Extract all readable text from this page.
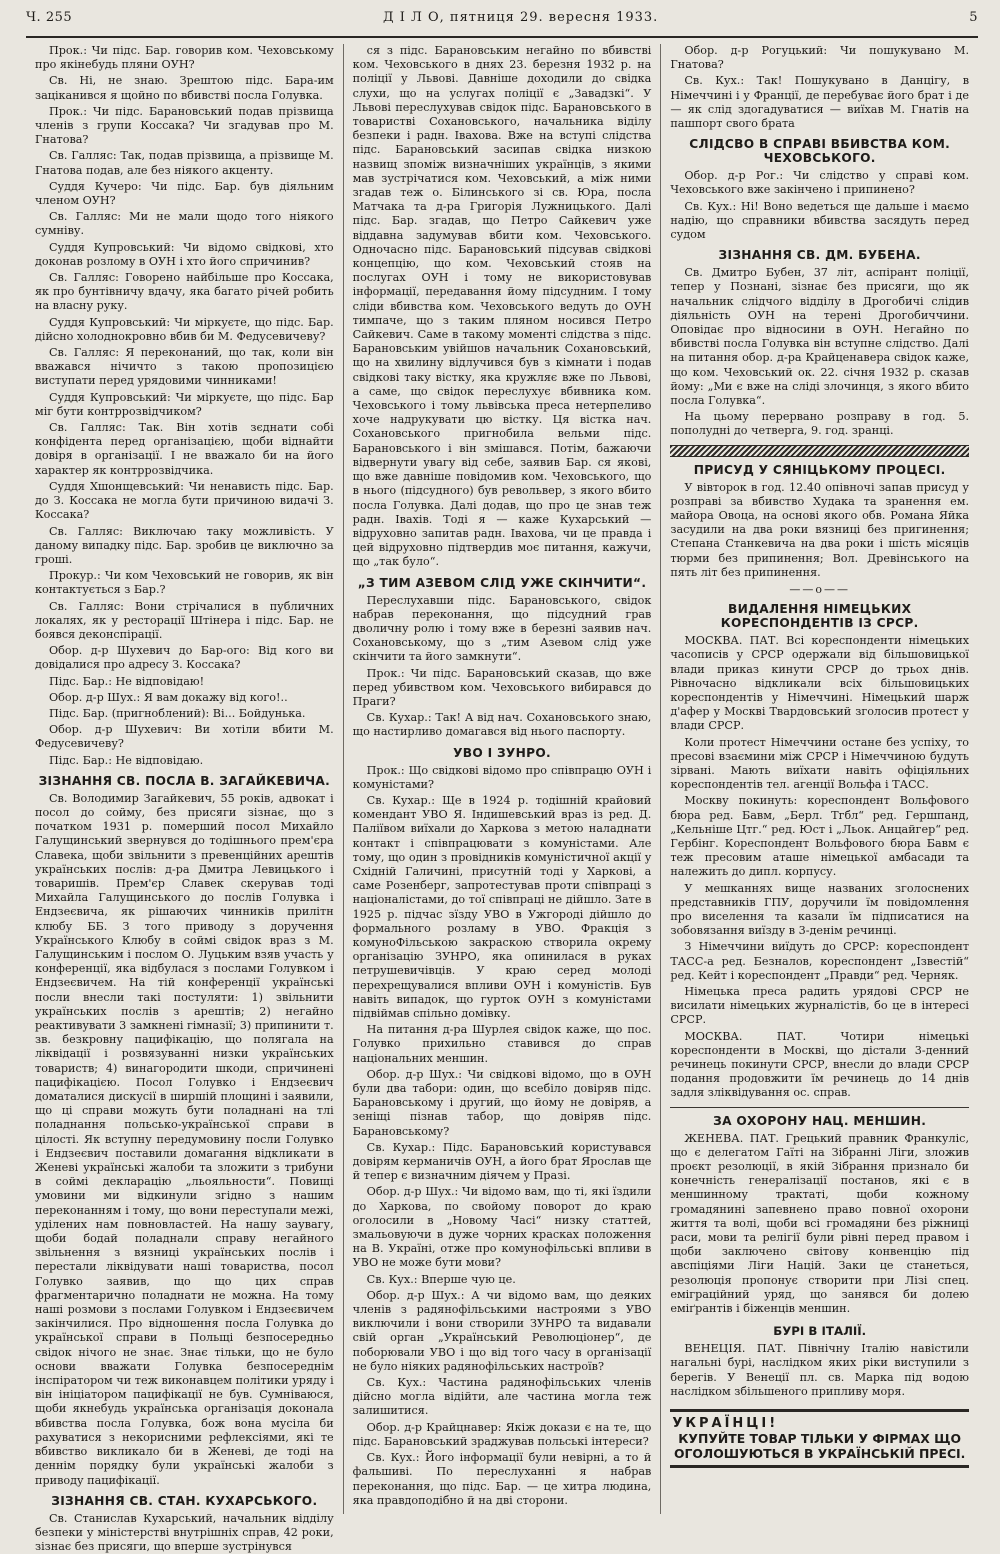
Ч. 255	Д І Л О, пятниця 29. вересня 1933.	5

Прок.: Чи підс. Бар. говорив ком. Чеховському про якінебудь пляни ОУН?

Св. Ні, не знаю. Зрештою підс. Бара-им заціканився я щойно по вбивстві посла Голувка.

Прок.: Чи підс. Барановський подав прізвища членів з групи Коссака? Чи згадував про М. Гнатова?

Св. Галляс: Так, подав прізвища, а прізвище М. Гнатова подав, але без ніякого акценту.

Суддя Кучеро: Чи підс. Бар. був діяльним членом ОУН?

Св. Галляс: Ми не мали щодо того ніякого сумніву.

Суддя Купровський: Чи відомо свідкові, хто доконав розлому в ОУН і хто його спричинив?

Св. Галляс: Говорено найбільше про Коссака, як про бунтівничу вдачу, яка багато річей робить на власну руку.

Суддя Купровський: Чи міркуєте, що підс. Бар. дійсно холоднокровно вбив би М. Федусевичеву?

Св. Галляс: Я переконаний, що так, коли він вважався нічичто з такою пропозицією виступати перед урядовими чинниками!

Суддя Купровський: Чи міркуєте, що підс. Бар міг бути контррозвідчиком?

Св. Галляс: Так. Він хотів зєднати собі конфідента перед організацією, щоби віднайти довіря в організації. І не вважало би на його характер як контррозвідчика.

Суддя Хшонщевський: Чи ненависть підс. Бар. до З. Коссака не могла бути причиною видачі З. Коссака?

Св. Галляс: Виключаю таку можливість. У даному випадку підс. Бар. зробив це виключно за гроші.

Прокур.: Чи ком Чеховський не говорив, як він контактується з Бар.?

Св. Галляс: Вони стрічалися в публичних локалях, як у ресторації Штінера і підс. Бар. не боявся деконспірації.

Обор. д-р Шухевич до Бар-ого: Від кого ви довідалися про адресу З. Коссака?

Підс. Бар.: Не відповідаю!

Обор. д-р Шух.: Я вам докажу від кого!..

Підс. Бар. (пригноблений): Ві... Бойдунька.

Обор. д-р Шухевич: Ви хотіли вбити М. Федусевичеву?

Підс. Бар.: Не відповідаю.

ЗІЗНАННЯ СВ. ПОСЛА В. ЗАГАЙКЕВИЧА.

Св. Володимир Загайкевич, 55 років, адвокат і посол до сойму, без присяги зізнає, що з початком 1931 р. померший посол Михайло Галущинський звернувся до тодішнього прем'єра Славека, щоби звільнити з превенційних арештів українських послів: д-ра Дмитра Левицького і товаришів. Прем'єр Славек скерував тоді Михайла Галущинського до послів Голувка і Ендзеєвича, як рішаючих чинників прилітн клюбу ББ. З того приводу з доручення Українського Клюбу в соймі свідок враз з М. Галущинським і послом О. Луцьким взяв участь у конференції, яка відбулася з послами Голувком і Ендзеєвичем. На тій конференції українські посли внесли такі постуляти: 1) звільнити українських послів з арештів; 2) негайно реактивувати 3 замкнені гімназії; 3) припинити т. зв. безкровну пацифікацію, що полягала на ліквідації і розвязуванні низки українських товариств; 4) винагородити шкоди, спричинені пацифікацією. Посол Голувко і Ендзеєвич доматалися дискусії в ширшій площині і заявили, що ці справи можуть бути поладнані на тлі поладнання польсько-української справи в цілості. Як вступну передумовину посли Голувко і Ендзеєвич поставили домагання відкликати в Женеві українські жалоби та зложити з трибуни в соймі декларацію „льояльности“. Повищі умовини ми відкинули згідно з нашим переконанням і тому, що вони переступали межі, уділених нам повновластей. На нашу заувагу, щоби бодай поладнали справу негайного звільнення з вязниці українських послів і перестали ліквідувати наші товариства, посол Голувко заявив, що що цих справ фрагментарично поладнати не можна. На тому наші розмови з послами Голувком і Ендзеєвичем закінчилися. Про відношення посла Голувка до української справи в Польщі безпосередньо свідок нічого не знає. Знає тільки, що не було основи вважати Голувка безпосереднім інспіратором чи теж виконавцем політики уряду і він ініціатором пацифікації не був. Сумніваюся, щоби якнебудь українська організація доконала вбивства посла Голувка, бож вона мусіла би рахуватися з некорисними рефлексіями, які те вбивство викликало би в Женеві, де тоді на деннім порядку були українські жалоби з приводу пацифікації.

ЗІЗНАННЯ СВ. СТАН. КУХАРСЬКОГО.

Св. Станислав Кухарський, начальник відділу безпеки у міністерстві внутрішніх справ, 42 роки, зізнає без присяги, що вперше зустрінувся

ся з підс. Барановським негайно по вбивстві ком. Чеховського в днях 23. березня 1932 р. на поліції у Львові. Давніше доходили до свідка слухи, що на услугах поліції є „Завадзкі“. У Львові переслухував свідок підс. Барановського в товаристві Сохановського, начальника віділу безпеки і радн. Івахова. Вже на вступі слідства підс. Барановський засипав свідка низкою назвищ зпоміж визначніших українців, з якими мав зустрічатися ком. Чеховський, а між ними згадав теж о. Білинського зі св. Юра, посла Матчака та д-ра Григорія Лужницького. Далі підс. Бар. згадав, що Петро Сайкевич уже віддавна задумував вбити ком. Чеховського. Одночасно підс. Барановський підсував свідкові концепцію, що ком. Чеховський стояв на послугах ОУН і тому не використовував інформації, передавання йому підсудним. І тому сліди вбивства ком. Чеховського ведуть до ОУН тимпаче, що з таким пляном носився Петро Сайкевич. Саме в такому моменті слідства з підс. Барановським увійшов начальник Сохановський, що на хвилину відлучився був з кімнати і подав свідкові таку вістку, яка кружляє вже по Львові, а саме, що свідок переслухує вбивника ком. Чеховського і тому львівська преса нетерпеливо хоче надрукувати цю вістку. Ця вістка нач. Сохановського пригнобила вельми підс. Барановського і він змішався. Потім, бажаючи відвернути увагу від себе, заявив Бар. ся якові, що вже давніше повідомив ком. Чеховського, що в нього (підсудного) був револьвер, з якого вбито посла Голувка. Далі додав, що про це знав теж радн. Івахів. Тоді я — каже Кухарський — відруховно запитав радн. Івахова, чи це правда і цей відруховно підтвердив моє питання, кажучи, що „так було“.

„З ТИМ АЗЕВОМ СЛІД УЖЕ СКІНЧИТИ“.

Переслухавши підс. Барановського, свідок набрав переконання, що підсудний грав дволичну ролю і тому вже в березні заявив нач. Сохановському, що з „тим Азевом слід уже скінчити та його замкнути“.

Прок.: Чи підс. Барановський сказав, що вже перед убивством ком. Чеховського вибирався до Праги?

Св. Кухар.: Так! А від нач. Сохановського знаю, що настирливо домагався від нього паспорту.

УВО І ЗУНРО.

Прок.: Що свідкові відомо про співпрацю ОУН і комуністами?

Св. Кухар.: Ще в 1924 р. тодішній крайовий комендант УВО Я. Індишевський враз із ред. Д. Паліївом виїхали до Харкова з метою наладнати контакт і співпрацювати з комуністами. Але тому, що один з провідників комуністичної акції у Східній Галичині, присутній тоді у Харкові, а саме Розенберг, запротестував проти співпраці з націоналістами, до тої співпраці не дійшло. Зате в 1925 р. підчас зїзду УВО в Ужгороді дійшло до формального розламу в УВО. Фракція з комуноФільською закраскою створила окрему організацію ЗУНРО, яка опинилася в руках петрушевичівців. У краю серед молоді перехрещувалися впливи ОУН і комуністів. Був навіть випадок, що гурток ОУН з комуністами підвіймав спільно домівку.

На питання д-ра Шурлея свідок каже, що пос. Голувко прихильно ставився до справ національних меншин.

Обор. д-р Шух.: Чи свідкові відомо, що в ОУН були два табори: один, що всебіло довіряв підс. Барановському і другий, що йому не довіряв, а зеніщі пізнав табор, що довіряв підс. Барановському?

Св. Кухар.: Підс. Барановський користувався довірям керманичів ОУН, а його брат Ярослав ще й тепер є визначним діячем у Празі.

Обор. д-р Шух.: Чи відомо вам, що ті, які їздили до Харкова, по свойому поворот до краю оголосили в „Новому Часі“ низку статтей, змальовуючи в дуже чорних красках положення на В. Україні, отже про комунофільські впливи в УВО не може бути мови?

Св. Кух.: Вперше чую це.

Обор. д-р Шух.: А чи відомо вам, що деяких членів з радянофільськими настроями з УВО виключили і вони створили ЗУНРО та видавали свій орган „Український Революціонер“, де поборювали УВО і що від того часу в організації не було ніяких радянофільських настроїв?

Св. Кух.: Частина радянофільських членів дійсно могла відійти, але частина могла теж залишитися.

Обор. д-р Крайцнавер: Якіж докази є на те, що підс. Барановський зраджував польські інтереси?

Св. Кух.: Його інформації були невірні, а то й фальшиві. По переслуханні я набрав переконання, що підс. Бар. — це хитра людина, яка правдоподібно й на дві сторони.

Обор. д-р Рогуцький: Чи пошукувано М. Гнатова?

Св. Кух.: Так! Пошукувано в Данцігу, в Німеччині і у Франції, де перебуває його брат і де — як слід здогадуватися — виїхав М. Гнатів на пашпорт свого брата

СЛІДСВО В СПРАВІ ВБИВСТВА КОМ. ЧЕХОВСЬКОГО.

Обор. д-р Рог.: Чи слідство у справі ком. Чеховського вже закінчено і припинено?

Св. Кух.: Ні! Воно ведеться ще дальше і маємо надію, що справники вбивства засядуть перед судом

ЗІЗНАННЯ СВ. ДМ. БУБЕНА.

Св. Дмитро Бубен, 37 літ, аспірант поліції, тепер у Познані, зізнає без присяги, що як начальник слідчого відділу в Дрогобичі слідив діяльність ОУН на терені Дрогобиччини. Оповідає про відносини в ОУН. Негайно по вбивстві посла Голувка він вступне слідство. Далі на питання обор. д-ра Крайценавера свідок каже, що ком. Чеховський ок. 22. січня 1932 р. сказав йому: „Ми є вже на сліді злочинця, з якого вбито посла Голувка“.

На цьому перервано розправу в год. 5. пополудні до четверга, 9. год. зранці.

ПРИСУД У СЯНІЦЬКОМУ ПРОЦЕСІ.

У вівторок в год. 12.40 опівночі запав присуд у розправі за вбивство Худака та зранення ем. майора Овоца, на основі якого обв. Романа Яйка засудили на два роки вязниці без пригинення; Степана Станкевича на два роки і шість місяців тюрми без припинення; Вол. Древінського на пять літ без припинення.

——o——
ВИДАЛЕННЯ НІМЕЦЬКИХ КОРЕСПОНДЕНТІВ ІЗ СРСР.

МОСКВА. ПАТ. Всі кореспонденти німецьких часописів у СРСР одержали від більшовицької влади приказ кинути СРСР до трьох днів. Рівночасно відкликали всіх більшовицьких кореспондентів у Німеччині. Німецький шарж д'афер у Москві Твардовський зголосив протест у влади СРСР.

Коли протест Німеччини остане без успіху, то пресові взаємини між СРСР і Німеччиною будуть зірвані. Мають виїхати навіть офіціяльних кореспондентів тел. агенції Вольфа і ТАСС.

Москву покинуть: кореспондент Вольфового бюра ред. Бавм, „Берл. Тгбл“ ред. Гершпанд, „Кельніше Цтг.“ ред. Юст і „Льок. Анцайгер“ ред. Гербінг. Кореспондент Вольфового бюра Бавм є теж пресовим аташе німецької амбасади та належить до дипл. корпусу.

У мешканнях вище названих зголоснених представників ГПУ, доручили їм повідомлення про виселення та казали їм підписатися на зобовязання виїзду в 3-денім речинці.

З Німеччини виїдуть до СРСР: кореспондент ТАСС-а ред. Безналов, кореспондент „Ізвестій“ ред. Кейт і кореспондент „Правди“ ред. Черняк.

Німецька преса радить урядові СРСР не висилати німецьких журналістів, бо це в інтересі СРСР.

МОСКВА. ПАТ. Чотири німецькі кореспонденти в Москві, що дістали 3-денний речинець покинути СРСР, внесли до влади СРСР подання продовжити їм речинець до 14 днів задля зліквідування ос. справ.

ЗА ОХОРОНУ НАЦ. МЕНШИН.

ЖЕНЕВА. ПАТ. Грецький правник Франкуліс, що є делегатом Гаїті на Зібранні Ліги, зложив проєкт резолюції, в якій Зібрання признало би конечність генералізації постанов, які є в меншинному трактаті, щоби кожному громадянині запевнено право повної охорони життя та волі, щоби всі громадяни без ріжниці раси, мови та релігії були рівні перед правом і щоби заключено світову конвенцію під авспіціями Ліги Націй. Заки це станеться, резолюція пропонує створити при Лізі спец. еміграційний уряд, що занявся би долею еміґрантів і біженців меншин.

БУРІ В ІТАЛІЇ.

ВЕНЕЦІЯ. ПАТ. Північну Італію навістили нагальні бурі, наслідком яких ріки виступили з берегів. У Венеції пл. св. Марка під водою наслідком збільшеного припливу моря.

УКРАЇНЦІ!
КУПУЙТЕ ТОВАР ТІЛЬКИ У ФІРМАХ ЩО ОГОЛОШУЮТЬСЯ В УКРАЇНСЬКІЙ ПРЕСІ.
